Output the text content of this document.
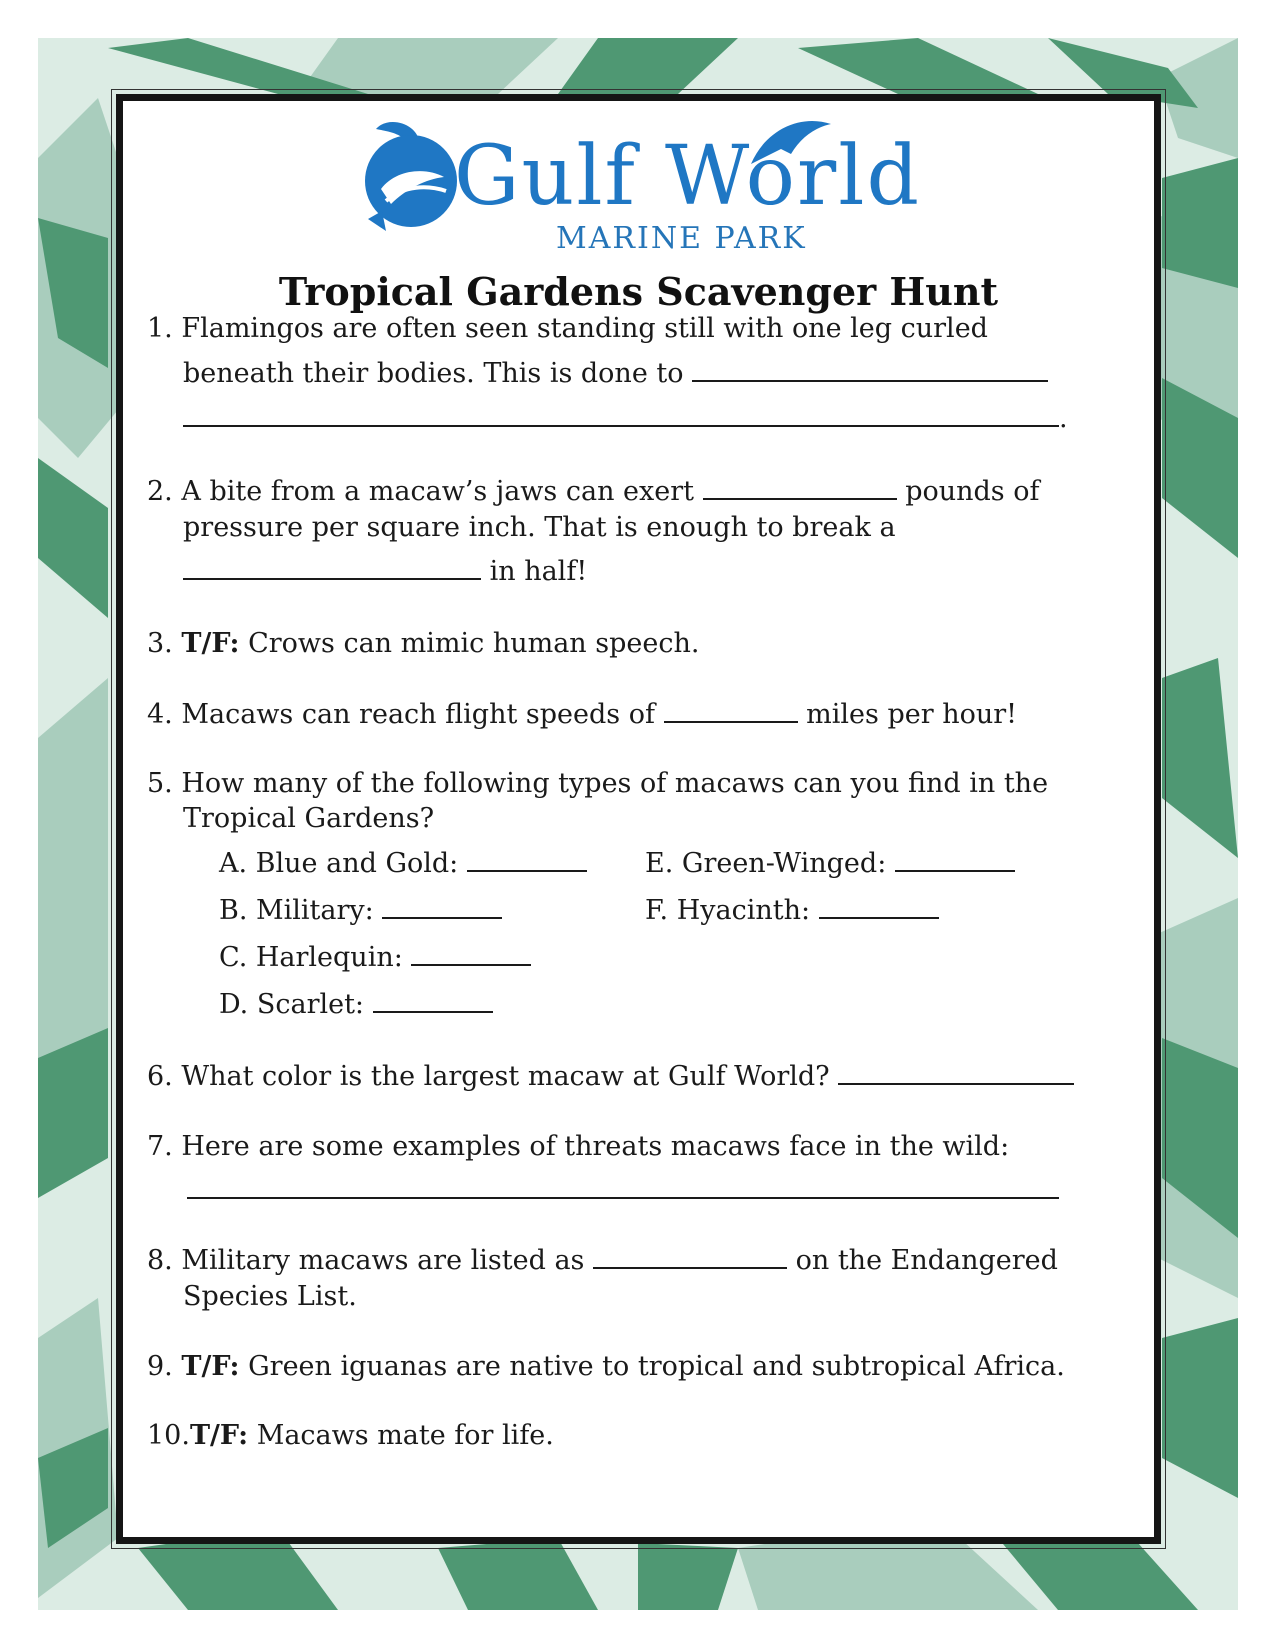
Gulf World
MARINE PARK
Tropical Gardens Scavenger Hunt
1. Flamingos are often seen standing still with one leg curled
beneath their bodies. This is done to
.
2. A bite from a macaw’s jaws can exert	pounds of
pressure per square inch. That is enough to break a
in half!
3. T/F: Crows can mimic human speech.
4. Macaws can reach flight speeds of	miles per hour!
5. How many of the following types of macaws can you find in the
Tropical Gardens?
A. Blue and Gold:
B. Military:
C. Harlequin:
D. Scarlet:
E. Green-Winged:
F. Hyacinth:
6. What color is the largest macaw at Gulf World?
7. Here are some examples of threats macaws face in the wild:
8. Military macaws are listed as	on the Endangered
Species List.
9. T/F: Green iguanas are native to tropical and subtropical Africa.
10.T/F: Macaws mate for life.
